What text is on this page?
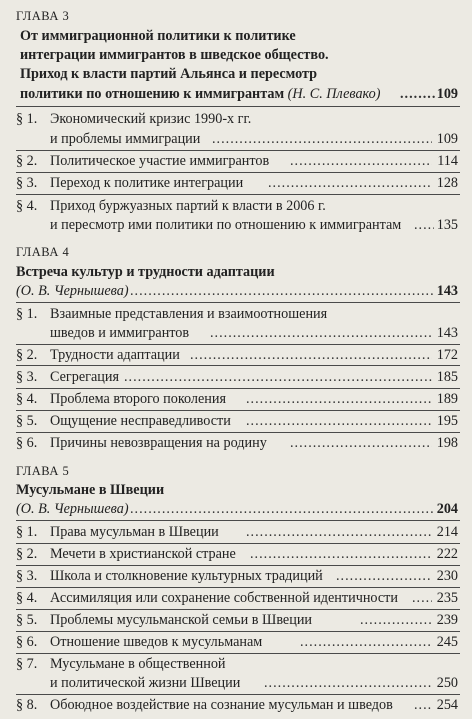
ГЛАВА 3
От иммиграционной политики к политике
интеграции иммигрантов в шведское общество.
Приход к власти партий Альянса и пересмотр
политики по отношению к иммигрантам (Н. С. Плевако) .....	109
§ 1. Экономический кризис 1990-х гг.
и проблемы иммиграции .....	109
§ 2. Политическое участие иммигрантов .....	114
§ 3. Переход к политике интеграции .....	128
§ 4. Приход буржуазных партий к власти в 2006 г.
и пересмотр ими политики по отношению к иммигрантам ..... 135
ГЛАВА 4
Встреча культур и трудности адаптации
(О. В. Чернышева) .....	143
§ 1. Взаимные представления и взаимоотношения
шведов и иммигрантов .....	143
§ 2. Трудности адаптации .....	172
§ 3. Сегрегация .....	185
§ 4. Проблема второго поколения .....	189
§ 5. Ощущение несправедливости .....	195
§ 6. Причины невозвращения на родину .....	198
ГЛАВА 5
Мусульмане в Швеции
(О. В. Чернышева) .....	204
§ 1. Права мусульман в Швеции .....	214
§ 2. Мечети в христианской стране .....	222
§ 3. Школа и столкновение культурных традиций .....	230
§ 4. Ассимиляция или сохранение собственной идентичности .....	235
§ 5. Проблемы мусульманской семьи в Швеции .....	239
§ 6. Отношение шведов к мусульманам .....	245
§ 7. Мусульмане в общественной
и политической жизни Швеции .....	250
§ 8. Обоюдное воздействие на сознание мусульман и шведов .....	254
